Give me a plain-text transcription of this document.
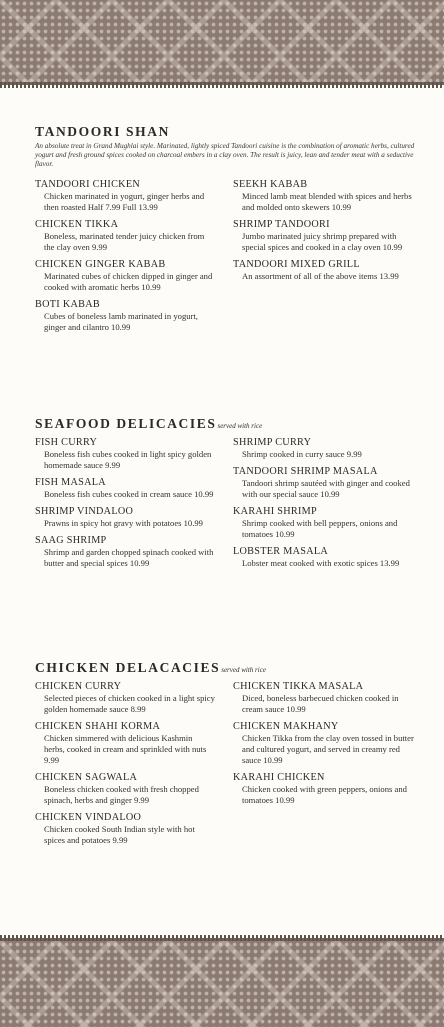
TANDOORI SHAN

An absolute treat in Grand Mughlai style. Marinated, lightly spiced Tandoori cuisine is the combination of aromatic herbs, cultured yogurt and fresh ground spices cooked on charcoal embers in a clay oven. The result is juicy, lean and tender meat with a seductive flavor.

TANDOORI CHICKEN
Chicken marinated in yogurt, ginger herbs and then roasted Half 7.99 Full 13.99
CHICKEN TIKKA
Boneless, marinated tender juicy chicken from the clay oven 9.99
CHICKEN GINGER KABAB
Marinated cubes of chicken dipped in ginger and cooked with aromatic herbs 10.99
BOTI KABAB
Cubes of boneless lamb marinated in yogurt, ginger and cilantro 10.99
SEEKH KABAB
Minced lamb meat blended with spices and herbs and molded onto skewers 10.99
SHRIMP TANDOORI
Jumbo marinated juicy shrimp prepared with special spices and cooked in a clay oven 10.99
TANDOORI MIXED GRILL
An assortment of all of the above items 13.99
SEAFOOD DELICACIESserved with rice
FISH CURRY
Boneless fish cubes cooked in light spicy golden homemade sauce 9.99
FISH MASALA
Boneless fish cubes cooked in cream sauce 10.99
SHRIMP VINDALOO
Prawns in spicy hot gravy with potatoes 10.99
SAAG SHRIMP
Shrimp and garden chopped spinach cooked with butter and special spices 10.99
SHRIMP CURRY
Shrimp cooked in curry sauce 9.99
TANDOORI SHRIMP MASALA
Tandoori shrimp sautéed with ginger and cooked with our special sauce 10.99
KARAHI SHRIMP
Shrimp cooked with bell peppers, onions and tomatoes 10.99
LOBSTER MASALA
Lobster meat cooked with exotic spices 13.99
CHICKEN DELACACIESserved with rice
CHICKEN CURRY
Selected pieces of chicken cooked in a light spicy golden homemade sauce 8.99
CHICKEN SHAHI KORMA
Chicken simmered with delicious Kashmin herbs, cooked in cream and sprinkled with nuts 9.99
CHICKEN SAGWALA
Boneless chicken cooked with fresh chopped spinach, herbs and ginger 9.99
CHICKEN VINDALOO
Chicken cooked South Indian style with hot spices and potatoes 9.99
CHICKEN TIKKA MASALA
Diced, boneless barbecued chicken cooked in cream sauce 10.99
CHICKEN MAKHANY
Chicken Tikka from the clay oven tossed in butter and cultured yogurt, and served in creamy red sauce 10.99
KARAHI CHICKEN
Chicken cooked with green peppers, onions and tomatoes 10.99
